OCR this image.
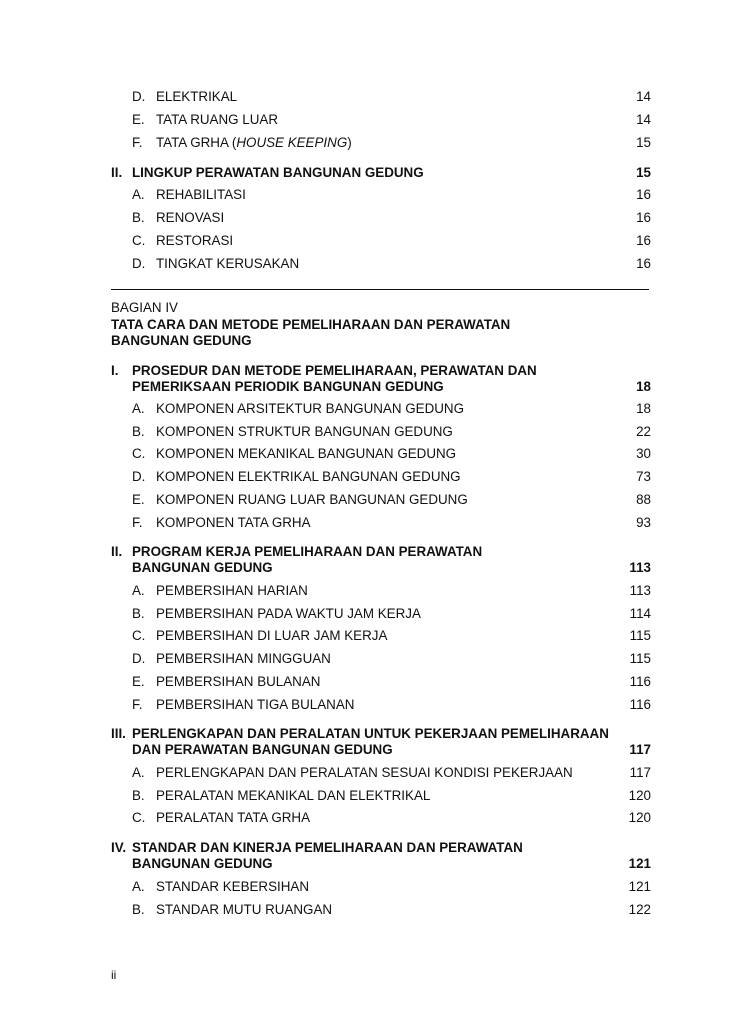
D. ELEKTRIKAL	14
E. TATA RUANG LUAR	14
F. TATA GRHA (HOUSE KEEPING)	15
II. LINGKUP PERAWATAN BANGUNAN GEDUNG	15
A. REHABILITASI	16
B. RENOVASI	16
C. RESTORASI	16
D. TINGKAT KERUSAKAN	16
BAGIAN IV
TATA CARA DAN METODE PEMELIHARAAN DAN PERAWATAN
BANGUNAN GEDUNG
I. PROSEDUR DAN METODE PEMELIHARAAN, PERAWATAN DAN
PEMERIKSAAN PERIODIK BANGUNAN GEDUNG	18
A. KOMPONEN ARSITEKTUR BANGUNAN GEDUNG	18
B. KOMPONEN STRUKTUR BANGUNAN GEDUNG	22
C. KOMPONEN MEKANIKAL BANGUNAN GEDUNG	30
D. KOMPONEN ELEKTRIKAL BANGUNAN GEDUNG	73
E. KOMPONEN RUANG LUAR BANGUNAN GEDUNG	88
F. KOMPONEN TATA GRHA	93
II. PROGRAM KERJA PEMELIHARAAN DAN PERAWATAN
BANGUNAN GEDUNG	113
A. PEMBERSIHAN HARIAN	113
B. PEMBERSIHAN PADA WAKTU JAM KERJA	114
C. PEMBERSIHAN DI LUAR JAM KERJA	115
D. PEMBERSIHAN MINGGUAN	115
E. PEMBERSIHAN BULANAN	116
F. PEMBERSIHAN TIGA BULANAN	116
III. PERLENGKAPAN DAN PERALATAN UNTUK PEKERJAAN PEMELIHARAAN
DAN PERAWATAN BANGUNAN GEDUNG	117
A. PERLENGKAPAN DAN PERALATAN SESUAI KONDISI PEKERJAAN	117
B. PERALATAN MEKANIKAL DAN ELEKTRIKAL	120
C. PERALATAN TATA GRHA	120
IV. STANDAR DAN KINERJA PEMELIHARAAN DAN PERAWATAN
BANGUNAN GEDUNG	121
A. STANDAR KEBERSIHAN	121
B. STANDAR MUTU RUANGAN	122
ii
